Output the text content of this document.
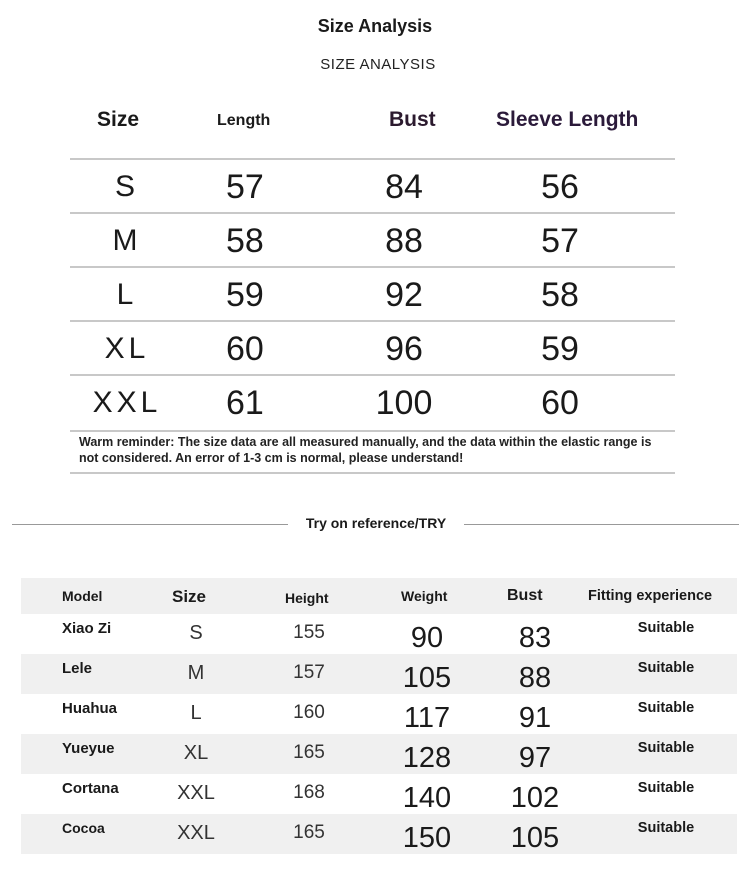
Size Analysis
SIZE ANALYSIS
Size	Length	Bust	Sleeve Length
S	57	84	56
M	58	88	57
L	59	92	58
XL	60	96	59
XXL	61	100	60
Warm reminder: The size data are all measured manually, and the data within the elastic range is not considered. An error of 1-3 cm is normal, please understand!
Try on reference/TRY
Model	Size	Height	Weight	Bust	Fitting experience
Xiao Zi	S	155	90	83	Suitable
Lele	M	157	105	88	Suitable
Huahua	L	160	117	91	Suitable
Yueyue	XL	165	128	97	Suitable
Cortana	XXL	168	140	102	Suitable
Cocoa	XXL	165	150	105	Suitable
